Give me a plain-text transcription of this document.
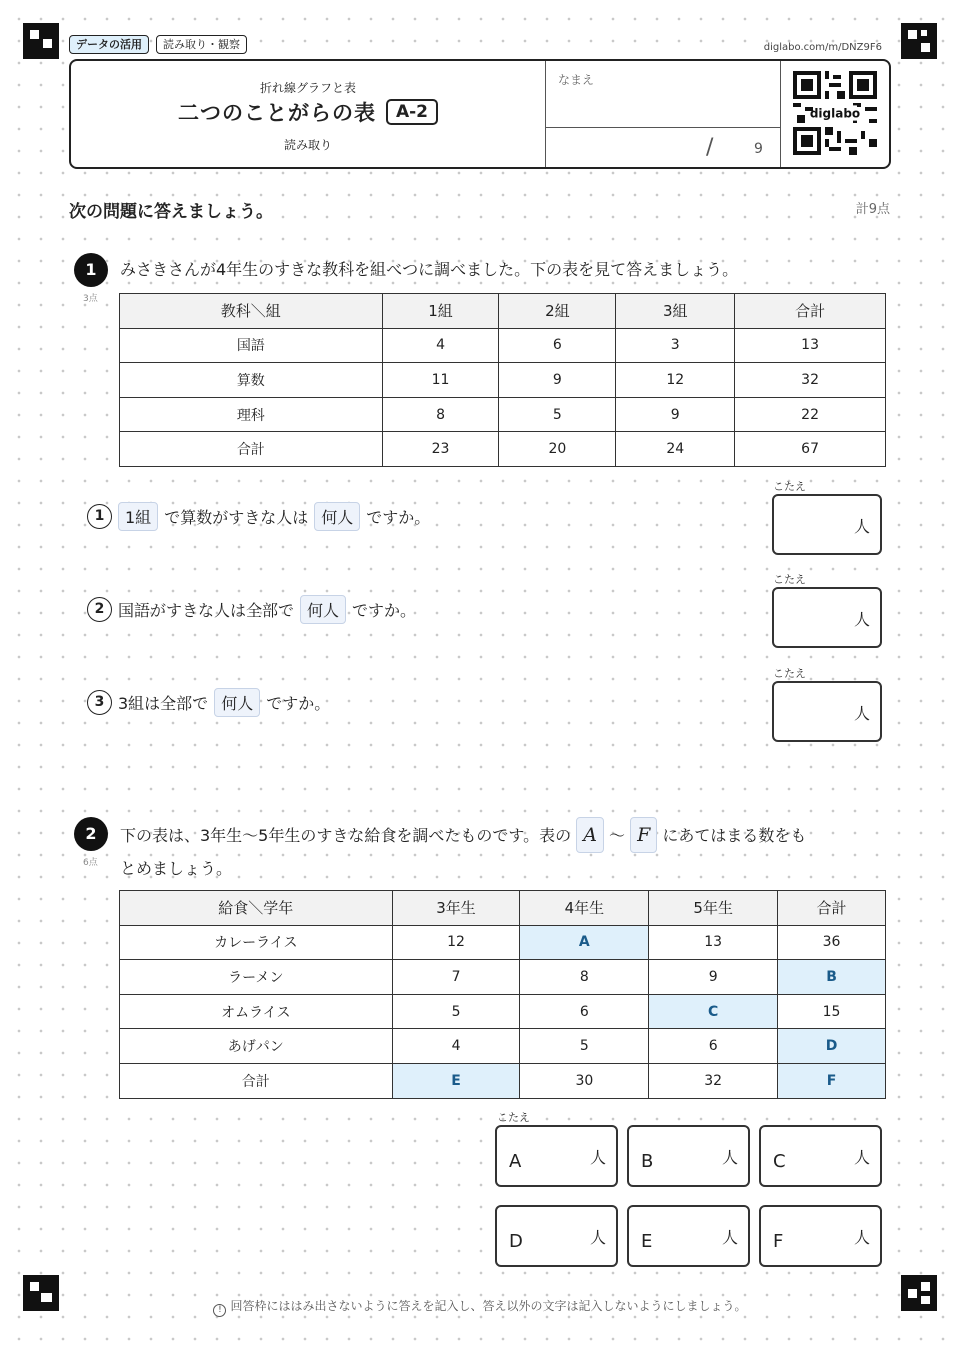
データの活用	読み取り・観察	diglabo.com/m/DNZ9F6
折れ線グラフと表
二つのことがらの表	A-2
読み取り
なまえ
/	9
diglabo
次の問題に答えましょう。	計9点
1
3点
みさきさんが4年生のすきな教科を組べつに調べました。下の表を見て答えましょう。
教科＼組	1組	2組	3組	合計
国語	4	6	3	13
算数	11	9	12	32
理科	8	5	9	22
合計	23	20	24	67
1	1組 で算数がすきな人は 何人 ですか。
こたえ
人
2 国語がすきな人は全部で 何人 ですか。
こたえ
人
3 3組は全部で 何人 ですか。
こたえ
人
2
6点
下の表は、3年生〜5年生のすきな給食を調べたものです。表の A 〜 F にあてはまる数をも
とめましょう。
給食＼学年	3年生	4年生	5年生	合計
カレーライス	12	A	13	36
ラーメン	7	8	9	B
オムライス	5	6	C	15
あげパン	4	5	6	D
合計	E	30	32	F
こたえ
A	人 B	人 C	人
D	人 E	人 F	人
! 回答枠にははみ出さないように答えを記入し、答え以外の文字は記入しないようにしましょう。
